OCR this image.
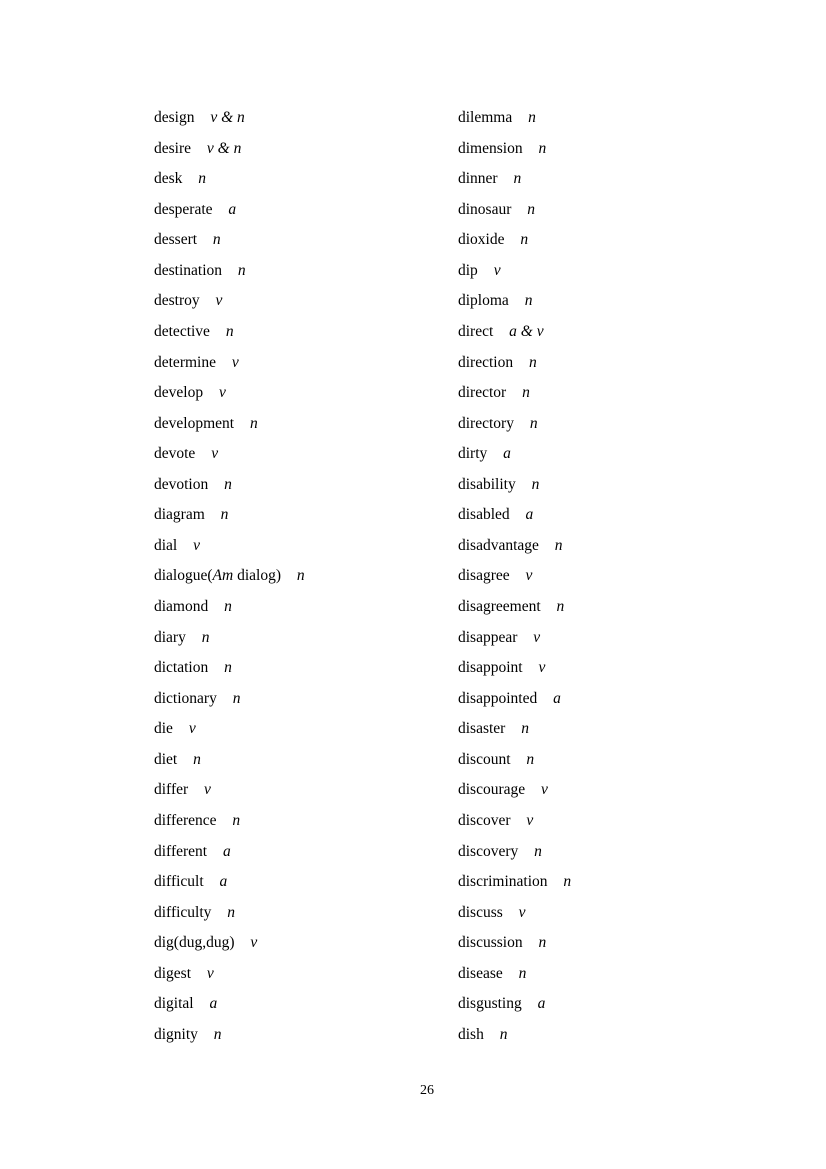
design v & n
desire v & n
desk n
desperate a
dessert n
destination n
destroy v
detective n
determine v
develop v
development n
devote v
devotion n
diagram n
dial v
dialogue(Am dialog) n
diamond n
diary n
dictation n
dictionary n
die v
diet n
differ v
difference n
different a
difficult a
difficulty n
dig(dug,dug) v
digest v
digital a
dignity n
dilemma n
dimension n
dinner n
dinosaur n
dioxide n
dip v
diploma n
direct a & v
direction n
director n
directory n
dirty a
disability n
disabled a
disadvantage n
disagree v
disagreement n
disappear v
disappoint v
disappointed a
disaster n
discount n
discourage v
discover v
discovery n
discrimination n
discuss v
discussion n
disease n
disgusting a
dish n
26
